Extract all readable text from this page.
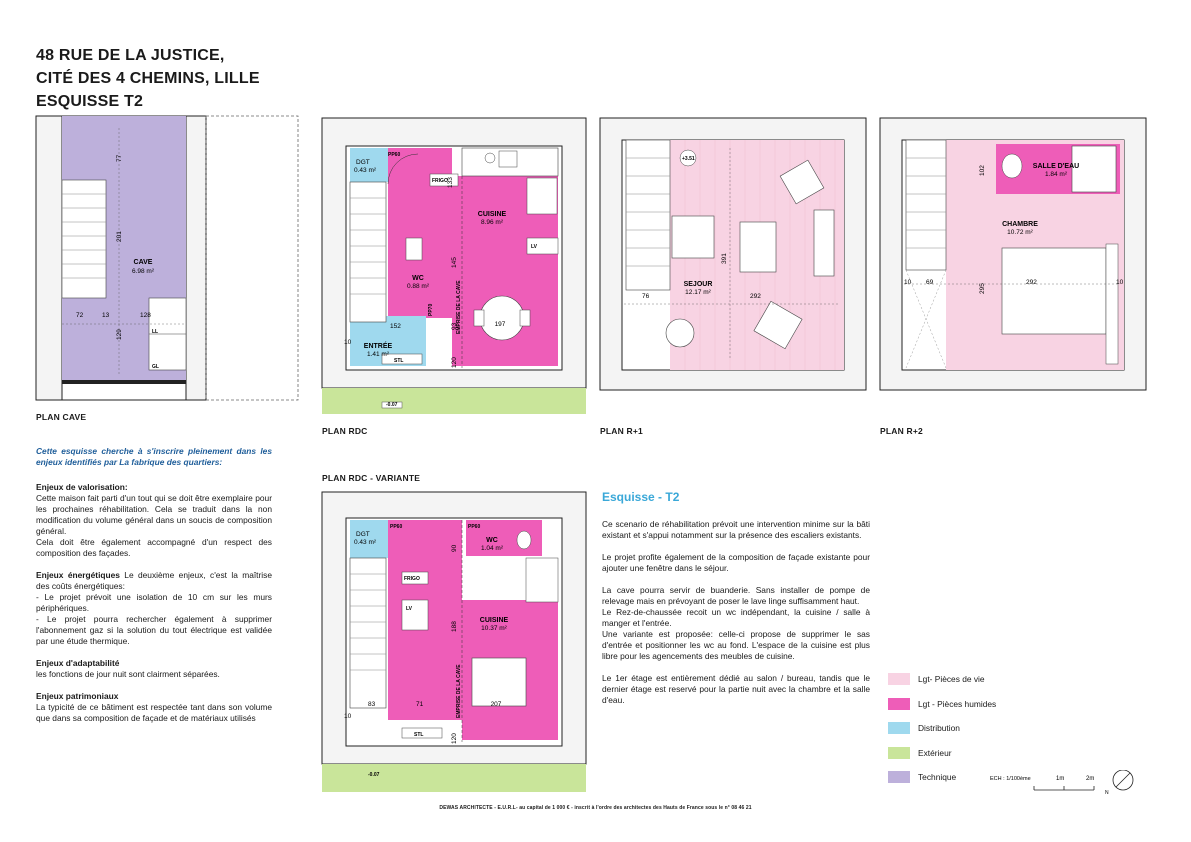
48 RUE DE LA JUSTICE,
CITÉ DES 4 CHEMINS, LILLE
ESQUISSE T2
77
201
72	13	128
129	LL
GL
CAVE
6.98 m²
PLAN CAVE
DGT
0.43 m²
PP60
FRIGO
CUISINE
8.96 m²
LV
WC
0.88 m²
PP70
ENTRÉE
1.41 m²
STL
EMPRISE DE LA CAVE
133
145
93
152	197
10
120
-0.07
PLAN RDC
+3.51
391
76	292
SEJOUR
12.17 m²
PLAN R+1
SALLE D'EAU
1.84 m²
CHAMBRE
10.72 m²
102
295
69	292
10	10
PLAN R+2
PLAN RDC - VARIANTE
DGT
0.43 m²
PP60	PP60
WC
1.04 m²
FRIGO
LV
CUISINE
10.37 m²
STL
EMPRISE DE LA CAVE
90
188
83	71	207
10
120
-0.07

Cette esquisse cherche à s'inscrire pleinement dans les enjeux identifiés par La fabrique des quartiers:

Enjeux de valorisation:

Cette maison fait parti d'un tout qui se doit être exemplaire pour les prochaines réhabilitation. Cela se traduit dans la non modification du volume général dans un soucis de composition général.

Cela doit être également accompagné d'un respect des composition des façades.

Enjeux énergétiques Le deuxième enjeux, c'est la maîtrise des coûts énergétiques:

- Le projet prévoit une isolation de 10 cm sur les murs périphériques.

- Le projet pourra rechercher également à supprimer l'abonnement gaz si la solution du tout électrique est validée par une étude thermique.

Enjeux d'adaptabilité

les fonctions de jour nuit sont clairment séparées.

Enjeux patrimoniaux

La typicité de ce bâtiment est respectée tant dans son volume que dans sa composition de façade et de matériaux utilisés

Esquisse - T2

Ce scenario de réhabilitation prévoit une intervention minime sur la bâti existant et s'appui notamment sur la présence des escaliers existants.

Le projet profite également de la composition de façade existante pour ajouter une fenêtre dans le séjour.

La cave pourra servir de buanderie. Sans installer de pompe de relevage mais en prévoyant de poser le lave linge suffisamment haut.

Le Rez-de-chaussée recoit un wc indépendant, la cuisine / salle à manger et l'entrée.

Une variante est proposée: celle-ci propose de supprimer le sas d'entrée et positionner les wc au fond. L'espace de la cuisine est plus libre pour les agencements des meubles de cuisine.

Le 1er étage est entièrement dédié au salon / bureau, tandis que le dernier étage est reservé pour la partie nuit avec la chambre et la salle d'eau.

Lgt- Pièces de vie
Lgt - Pièces humides
Distribution
Extérieur
Technique	ECH : 1/100ème	1m	2m
N
DEWAS ARCHITECTE - E.U.R.L- au capital de 1 000 € - inscrit à l'ordre des architectes des Hauts de France sous le n° 08 46 21
